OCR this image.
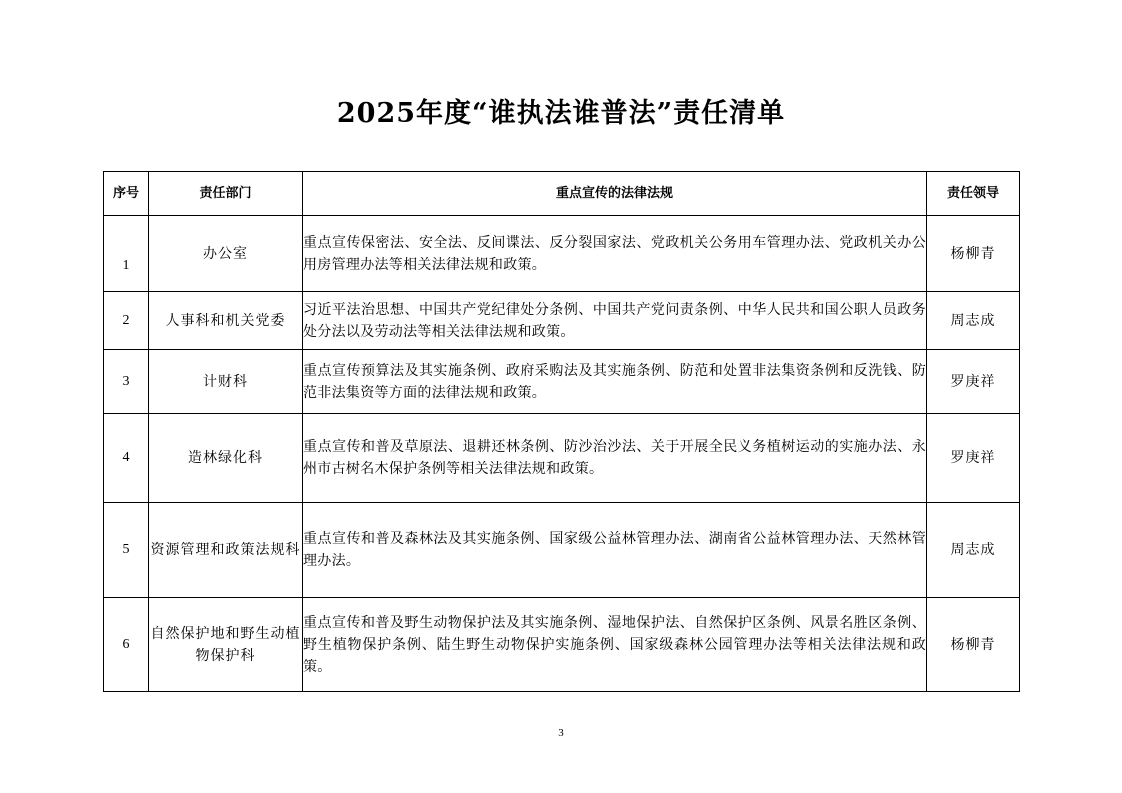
2025年度“谁执法谁普法”责任清单
序号	责任部门	重点宣传的法律法规	责任领导
1	办公室	重点宣传保密法、安全法、反间谍法、反分裂国家法、党政机关公务用车管理办法、党政机关办公用房管理办法等相关法律法规和政策。	杨柳青
2	人事科和机关党委	习近平法治思想、中国共产党纪律处分条例、中国共产党问责条例、中华人民共和国公职人员政务处分法以及劳动法等相关法律法规和政策。	周志成
3	计财科	重点宣传预算法及其实施条例、政府采购法及其实施条例、防范和处置非法集资条例和反洗钱、防范非法集资等方面的法律法规和政策。	罗庚祥
4	造林绿化科	重点宣传和普及草原法、退耕还林条例、防沙治沙法、关于开展全民义务植树运动的实施办法、永州市古树名木保护条例等相关法律法规和政策。	罗庚祥
5	资源管理和政策法规科	重点宣传和普及森林法及其实施条例、国家级公益林管理办法、湖南省公益林管理办法、天然林管理办法。	周志成
6	自然保护地和野生动植物保护科	重点宣传和普及野生动物保护法及其实施条例、湿地保护法、自然保护区条例、风景名胜区条例、野生植物保护条例、陆生野生动物保护实施条例、国家级森林公园管理办法等相关法律法规和政策。	杨柳青
3
